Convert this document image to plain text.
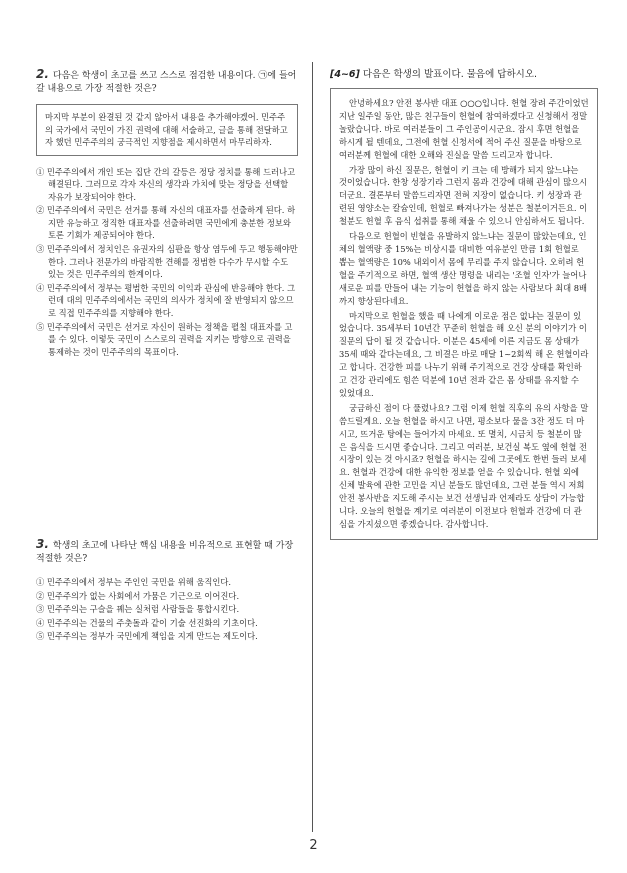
2. 다음은 학생이 초고를 쓰고 스스로 점검한 내용이다. ㉠에 들어갈 내용으로 가장 적절한 것은?

마지막 부분이 완결된 것 같지 않아서 내용을 추가해야겠어. 민주주의 국가에서 국민이 가진 권력에 대해 서술하고, 글을 통해 전달하고자 했던 민주주의의 궁극적인 지향점을 제시하면서 마무리하자.
① 민주주의에서 개인 또는 집단 간의 갈등은 정당 정치를 통해 드러나고 해결된다. 그러므로 각자 자신의 생각과 가치에 맞는 정당을 선택할 자유가 보장되어야 한다.
② 민주주의에서 국민은 선거를 통해 자신의 대표자를 선출하게 된다. 하지만 유능하고 정직한 대표자를 선출하려면 국민에게 충분한 정보와 토론 기회가 제공되어야 한다.
③ 민주주의에서 정치인은 유권자의 심판을 항상 염두에 두고 행동해야만 한다. 그러나 전문가의 바람직한 견해를 정범한 다수가 무시할 수도 있는 것은 민주주의의 한계이다.
④ 민주주의에서 정부는 평범한 국민의 이익과 관심에 반응해야 한다. 그런데 대의 민주주의에서는 국민의 의사가 정치에 잘 반영되지 않으므로 직접 민주주의를 지향해야 한다.
⑤ 민주주의에서 국민은 선거로 자신이 원하는 정책을 펼칠 대표자를 고를 수 있다. 이렇듯 국민이 스스로의 권력을 지키는 방향으로 권력을 통제하는 것이 민주주의의 목표이다.

3. 학생의 초고에 나타난 핵심 내용을 비유적으로 표현할 때 가장 적절한 것은?

① 민주주의에서 정부는 주인인 국민을 위해 움직인다.
② 민주주의가 없는 사회에서 가뭄은 기근으로 이어진다.
③ 민주주의는 구슬을 꿰는 실처럼 사람들을 통합시킨다.
④ 민주주의는 건물의 주춧돌과 같이 기술 선진화의 기초이다.
⑤ 민주주의는 정부가 국민에게 책임을 지게 만드는 제도이다.

[4~6] 다음은 학생의 발표이다. 물음에 답하시오.

안녕하세요? 안전 봉사반 대표 ○○○입니다. 헌혈 장려 주간이었던 지난 일주일 동안, 많은 친구들이 헌혈에 참여하겠다고 신청해서 정말 놀랐습니다. 바로 여러분들이 그 주인공이시군요. 잠시 후면 헌혈을 하시게 될 텐데요, 그전에 헌혈 신청서에 적어 주신 질문을 바탕으로 여러분께 헌혈에 대한 오해와 진실을 말씀 드리고자 합니다.

가장 많이 하신 질문은, 헌혈이 키 크는 데 방해가 되지 않느냐는 것이었습니다. 한창 성장기라 그런지 몸과 건강에 대해 관심이 많으시더군요. 결론부터 말씀드리자면 전혀 지장이 없습니다. 키 성장과 관련된 영양소는 칼슘인데, 헌혈로 빠져나가는 성분은 철분이거든요. 이 철분도 헌혈 후 음식 섭취를 통해 채울 수 있으니 안심하셔도 됩니다.

다음으로 헌혈이 빈혈을 유발하지 않느냐는 질문이 많았는데요, 인체의 혈액량 중 15%는 비상시를 대비한 여유분인 만큼 1회 헌혈로 뽑는 혈액량은 10% 내외이서 몸에 무리를 주지 않습니다. 오히려 헌혈을 주기적으로 하면, 혈액 생산 명령을 내리는 '조혈 인자'가 늘어나 새로운 피를 만들어 내는 기능이 헌혈을 하지 않는 사람보다 최대 8배까지 향상된다네요.

마지막으로 헌혈을 했을 때 나에게 이로운 점은 없냐는 질문이 있었습니다. 35세부터 10년간 꾸준히 헌혈을 해 오신 분의 이야기가 이 질문의 답이 될 것 같습니다. 이분은 45세에 이른 지금도 몸 상태가 35세 때와 같다는데요, 그 비결은 바로 매달 1~2회씩 해 온 헌혈이라고 합니다. 건강한 피를 나누기 위해 주기적으로 건강 상태를 확인하고 건강 관리에도 힘쓴 덕분에 10년 전과 같은 몸 상태를 유지할 수 있었대요.

궁금하신 점이 다 풀렸나요? 그럼 이제 헌혈 직후의 유의 사항을 말씀드릴게요. 오늘 헌혈을 하시고 나면, 평소보다 물을 3잔 정도 더 마시고, 뜨거운 탕에는 들어가지 마세요. 또 멸치, 시금치 등 철분이 많은 음식을 드시면 좋습니다. 그리고 여러분, 보건실 복도 옆에 헌혈 전시장이 있는 것 아시죠? 헌혈을 하시는 길에 그곳에도 한번 들러 보세요. 헌혈과 건강에 대한 유익한 정보를 얻을 수 있습니다. 헌혈 외에 신체 발육에 관한 고민을 지닌 분들도 많던데요, 그런 분들 역시 저희 안전 봉사반을 지도해 주시는 보건 선생님과 언제라도 상담이 가능합니다. 오늘의 헌혈을 계기로 여러분이 이전보다 헌혈과 건강에 더 관심을 가지셨으면 좋겠습니다. 감사합니다.

2
